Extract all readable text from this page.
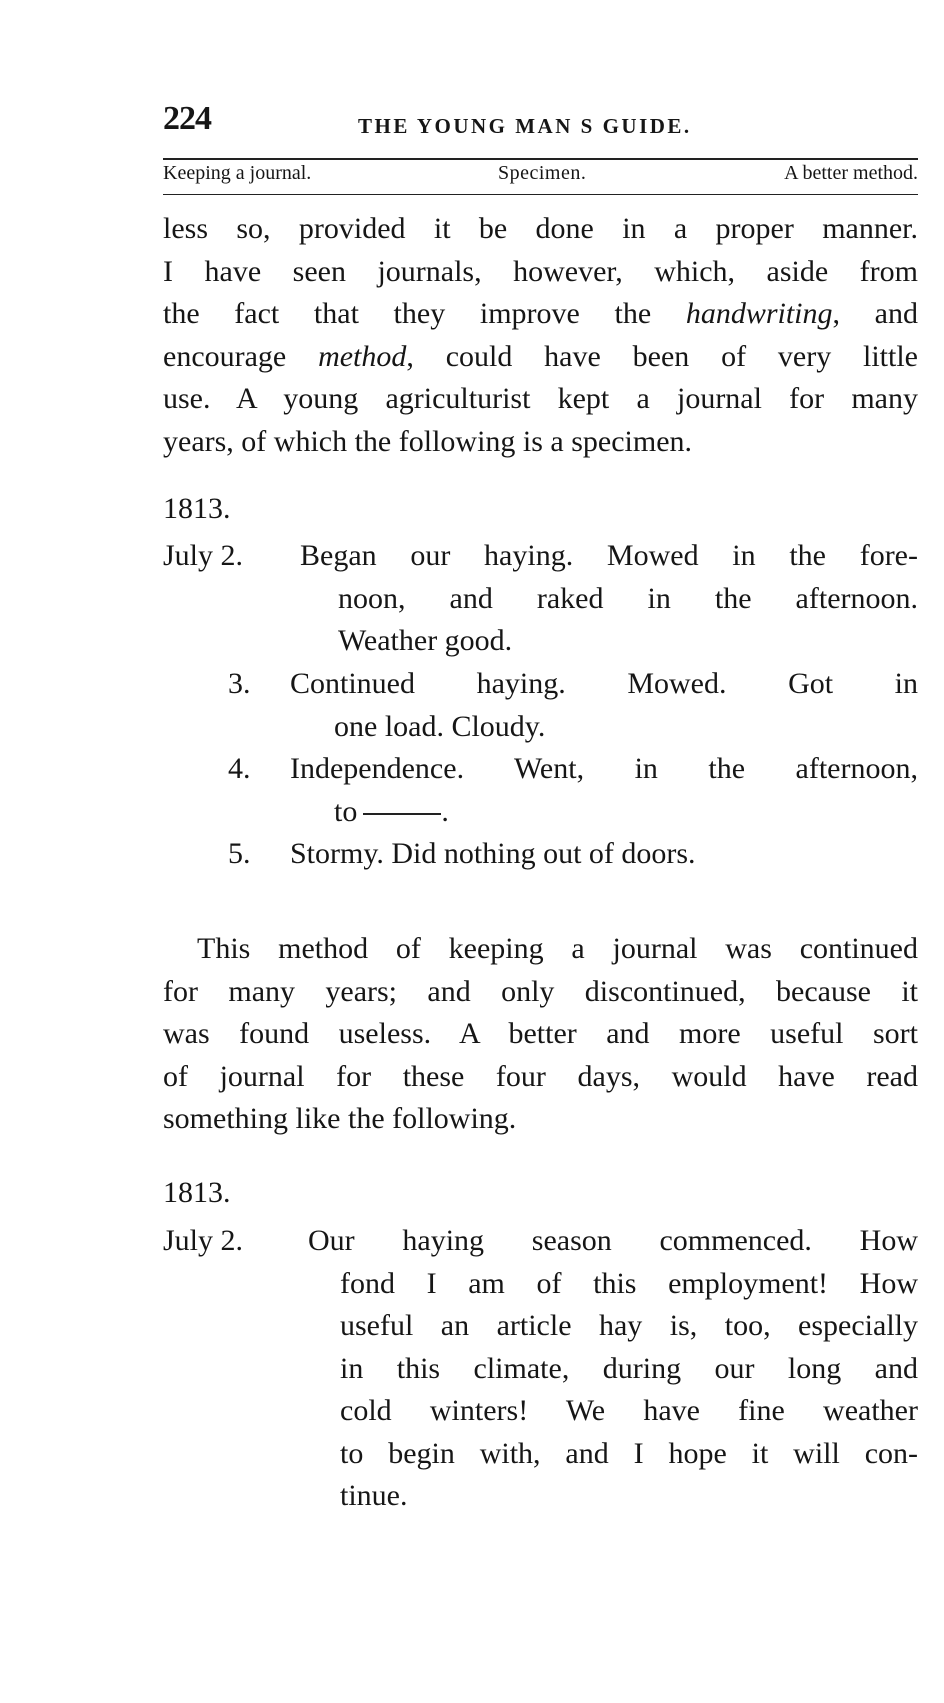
224	THE YOUNG MAN S GUIDE.
Keeping a journal.	Specimen.	A better method.
less so, provided it be done in a proper manner.
I have seen journals, however, which, aside from
the fact that they improve the handwriting, and
encourage method, could have been of very little
use. A young agriculturist kept a journal for many
years, of which the following is a specimen.
1813.
July 2. Began our haying. Mowed in the fore-
noon, and raked in the afternoon.
Weather good.
3. Continued haying. Mowed. Got in
one load. Cloudy.
4. Independence. Went, in the afternoon,
to	.
5. Stormy. Did nothing out of doors.
This method of keeping a journal was continued
for many years; and only discontinued, because it
was found useless. A better and more useful sort
of journal for these four days, would have read
something like the following.
1813.
July 2. Our haying season commenced. How
fond I am of this employment! How
useful an article hay is, too, especially
in this climate, during our long and
cold winters! We have fine weather
to begin with, and I hope it will con-
tinue.
